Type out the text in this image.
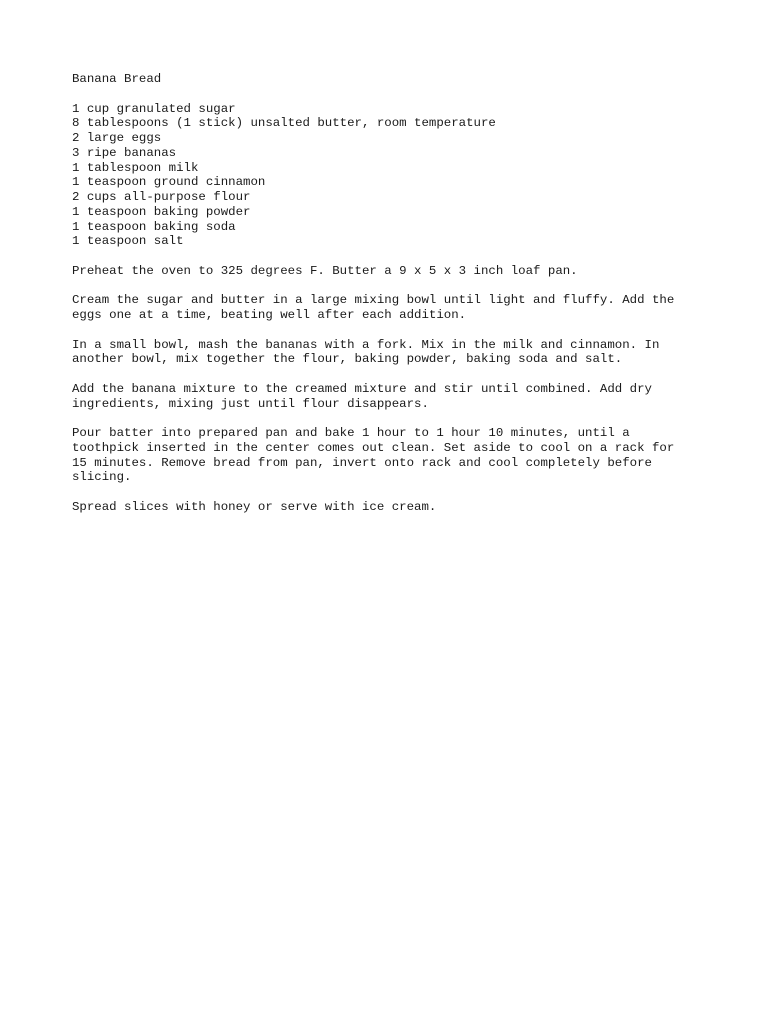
Banana Bread
1 cup granulated sugar
8 tablespoons (1 stick) unsalted butter, room temperature
2 large eggs
3 ripe bananas
1 tablespoon milk
1 teaspoon ground cinnamon
2 cups all-purpose flour
1 teaspoon baking powder
1 teaspoon baking soda
1 teaspoon salt
Preheat the oven to 325 degrees F. Butter a 9 x 5 x 3 inch loaf pan.
Cream the sugar and butter in a large mixing bowl until light and fluffy. Add the
eggs one at a time, beating well after each addition.
In a small bowl, mash the bananas with a fork. Mix in the milk and cinnamon. In
another bowl, mix together the flour, baking powder, baking soda and salt.
Add the banana mixture to the creamed mixture and stir until combined. Add dry
ingredients, mixing just until flour disappears.
Pour batter into prepared pan and bake 1 hour to 1 hour 10 minutes, until a
toothpick inserted in the center comes out clean. Set aside to cool on a rack for
15 minutes. Remove bread from pan, invert onto rack and cool completely before
slicing.
Spread slices with honey or serve with ice cream.
